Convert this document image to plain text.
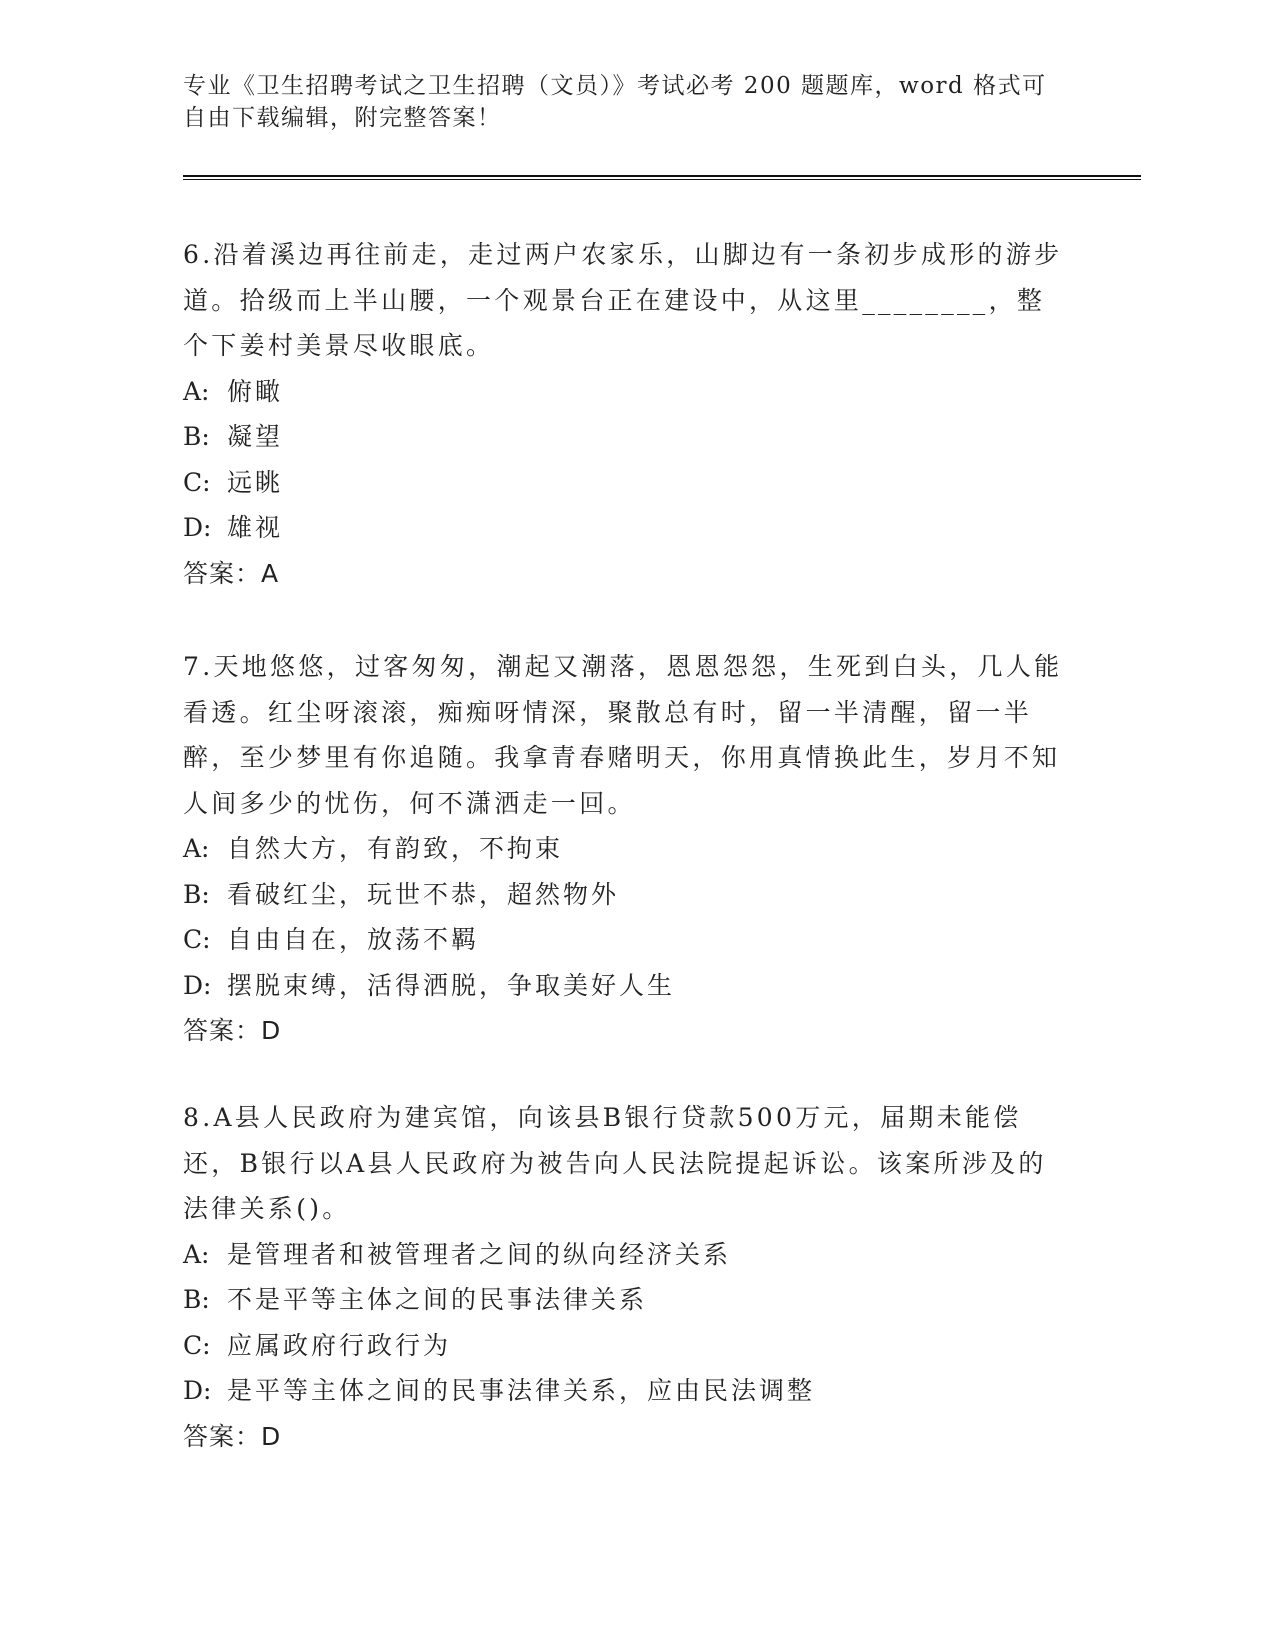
专业《卫生招聘考试之卫生招聘（文员）》考试必考 200 题题库，word 格式可自由下载编辑，附完整答案！

6.沿着溪边再往前走，走过两户农家乐，山脚边有一条初步成形的游步道。拾级而上半山腰，一个观景台正在建设中，从这里________，整个下姜村美景尽收眼底。

A: 俯瞰

B: 凝望

C: 远眺

D: 雄视

答案：A

7.天地悠悠，过客匆匆，潮起又潮落，恩恩怨怨，生死到白头，几人能看透。红尘呀滚滚，痴痴呀情深，聚散总有时，留一半清醒，留一半醉，至少梦里有你追随。我拿青春赌明天，你用真情换此生，岁月不知人间多少的忧伤，何不潇洒走一回。

A: 自然大方，有韵致，不拘束

B: 看破红尘，玩世不恭，超然物外

C: 自由自在，放荡不羁

D: 摆脱束缚，活得洒脱，争取美好人生

答案：D

8.A县人民政府为建宾馆，向该县B银行贷款500万元，届期未能偿还，B银行以A县人民政府为被告向人民法院提起诉讼。该案所涉及的法律关系()。

A: 是管理者和被管理者之间的纵向经济关系

B: 不是平等主体之间的民事法律关系

C: 应属政府行政行为

D: 是平等主体之间的民事法律关系，应由民法调整

答案：D
